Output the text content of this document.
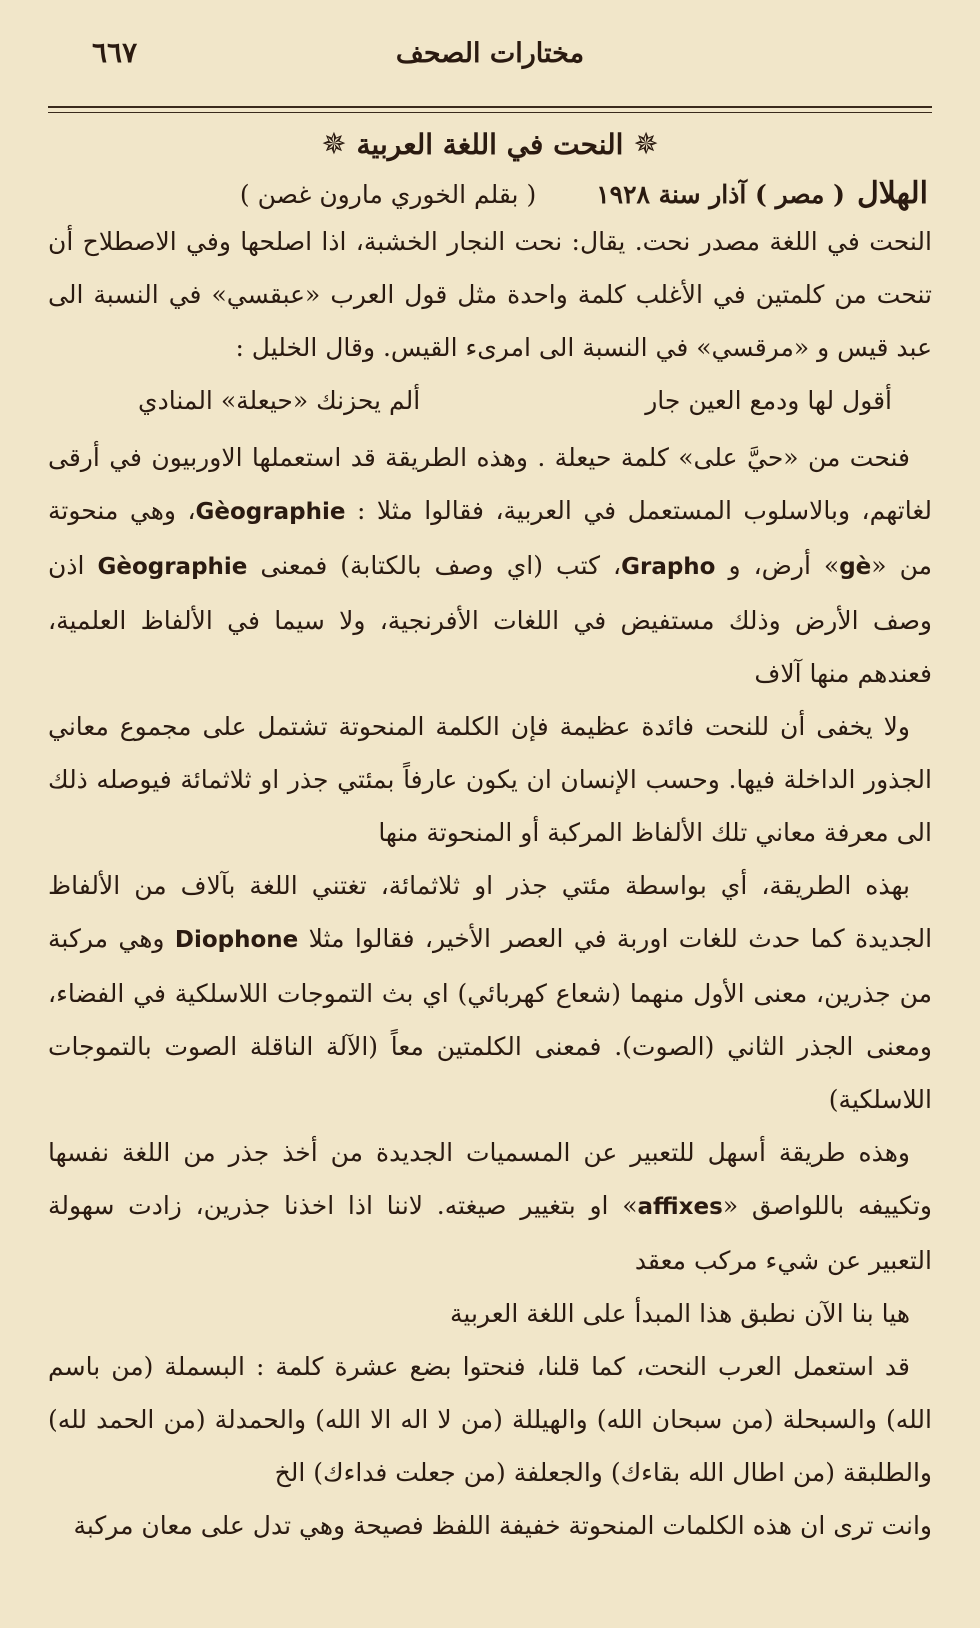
مختارات الصحف
٦٦٧
✵النحت في اللغة العربية✵
الهلال
( مصر ) آذار سنة ١٩٢٨
( بقلم الخوري مارون غصن )

النحت في اللغة مصدر نحت. يقال: نحت النجار الخشبة، اذا اصلحها وفي الاصطلاح أن تنحت من كلمتين في الأغلب كلمة واحدة مثل قول العرب «عبقسي» في النسبة الى عبد قيس و «مرقسي» في النسبة الى امرىء القيس. وقال الخليل :

أقول لها ودمع العين جار
ألم يحزنك «حيعلة» المنادي

فنحت من «حيَّ على» كلمة حيعلة . وهذه الطريقة قد استعملها الاوربيون في أرقى لغاتهم، وبالاسلوب المستعمل في العربية، فقالوا مثلا : Gèographie، وهي منحوتة من «gè» أرض، و Grapho، كتب (اي وصف بالكتابة) فمعنى Gèographie اذن وصف الأرض وذلك مستفيض في اللغات الأفرنجية، ولا سيما في الألفاظ العلمية، فعندهم منها آلاف

ولا يخفى أن للنحت فائدة عظيمة فإن الكلمة المنحوتة تشتمل على مجموع معاني الجذور الداخلة فيها. وحسب الإنسان ان يكون عارفاً بمئتي جذر او ثلاثمائة فيوصله ذلك الى معرفة معاني تلك الألفاظ المركبة أو المنحوتة منها

بهذه الطريقة، أي بواسطة مئتي جذر او ثلاثمائة، تغتني اللغة بآلاف من الألفاظ الجديدة كما حدث للغات اوربة في العصر الأخير، فقالوا مثلا Diophone وهي مركبة من جذرين، معنى الأول منهما (شعاع كهربائي) اي بث التموجات اللاسلكية في الفضاء، ومعنى الجذر الثاني (الصوت). فمعنى الكلمتين معاً (الآلة الناقلة الصوت بالتموجات اللاسلكية)

وهذه طريقة أسهل للتعبير عن المسميات الجديدة من أخذ جذر من اللغة نفسها وتكييفه باللواصق «affixes» او بتغيير صيغته. لاننا اذا اخذنا جذرين، زادت سهولة التعبير عن شيء مركب معقد

هيا بنا الآن نطبق هذا المبدأ على اللغة العربية

قد استعمل العرب النحت، كما قلنا، فنحتوا بضع عشرة كلمة : البسملة (من باسم الله) والسبحلة (من سبحان الله) والهيللة (من لا اله الا الله) والحمدلة (من الحمد لله) والطلبقة (من اطال الله بقاءك) والجعلفة (من جعلت فداءك) الخ

وانت ترى ان هذه الكلمات المنحوتة خفيفة اللفظ فصيحة وهي تدل على معان مركبة
